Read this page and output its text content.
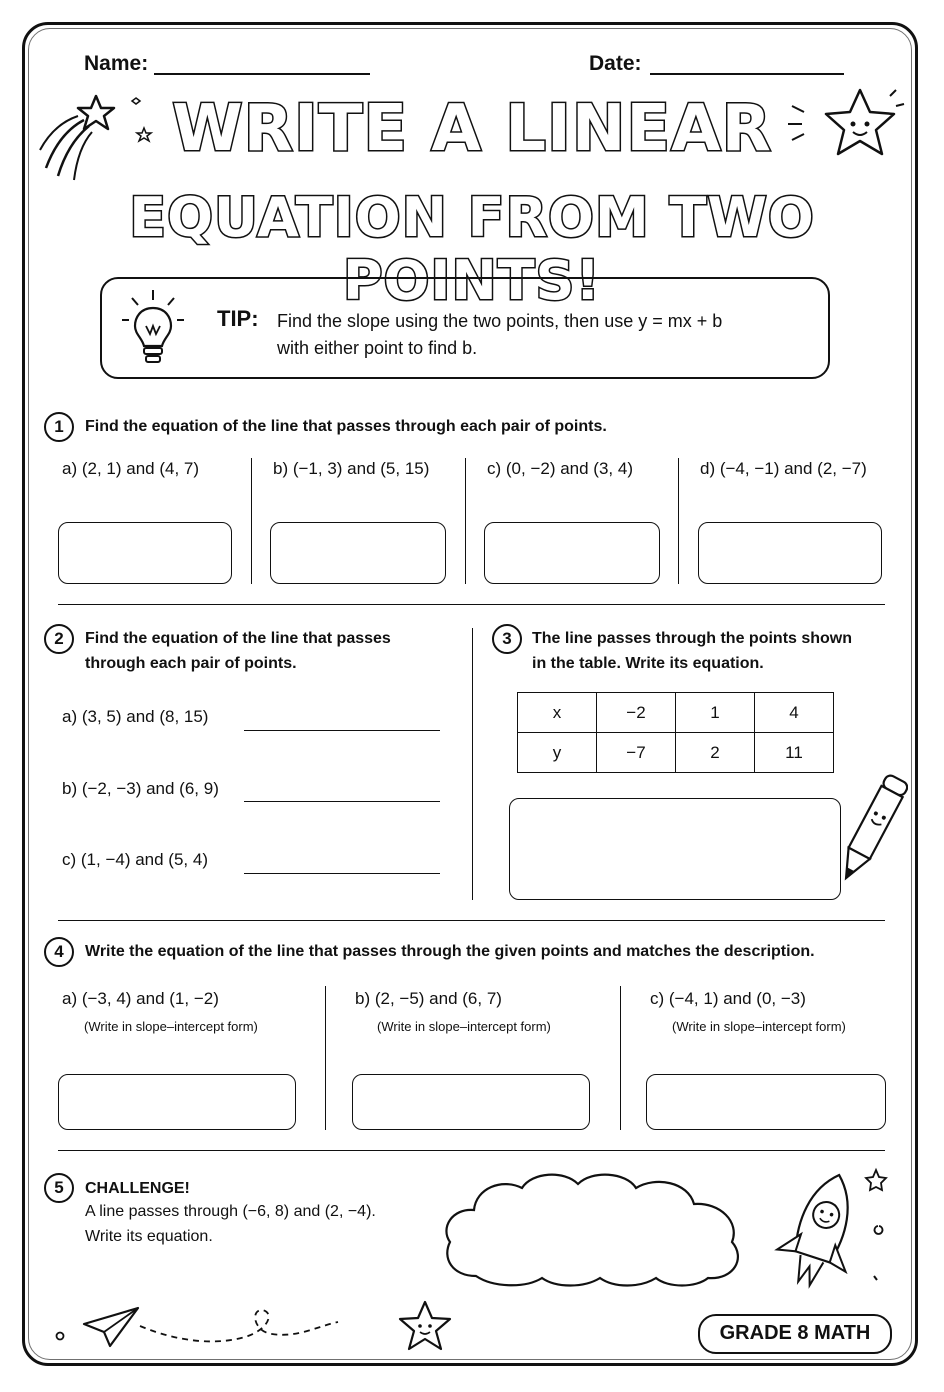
Name:	Date:
WRITE A LINEAR
EQUATION FROM TWO POINTS!
TIP: Find the slope using the two points, then use y = mx + b
with either point to find b.
1	Find the equation of the line that passes through each pair of points.
a) (2, 1) and (4, 7)	b) (−1, 3) and (5, 15)	c) (0, −2) and (3, 4)	d) (−4, −1) and (2, −7)
2	Find the equation of the line that passes
through each pair of points.
a) (3, 5) and (8, 15)
b) (−2, −3) and (6, 9)
c) (1, −4) and (5, 4)
3	The line passes through the points shown
in the table. Write its equation.
x	−2	1	4
y	−7	2	11
4	Write the equation of the line that passes through the given points and matches the description.
a) (−3, 4) and (1, −2)
(Write in slope–intercept form)
b) (2, −5) and (6, 7)
(Write in slope–intercept form)
c) (−4, 1) and (0, −3)
(Write in slope–intercept form)
5	CHALLENGE!
A line passes through (−6, 8) and (2, −4).
Write its equation.
GRADE 8 MATH
